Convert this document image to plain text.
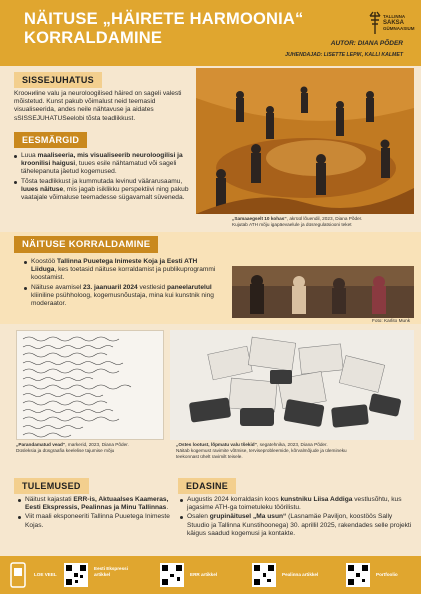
NÄITUSE „HÄIRETE HARMOONIA“
KORRALDAMINE
TALLINNA
SAKSA
GÜMNAASIUM
AUTOR: DIANA PÕDER
JUHENDAJAD: LISETTE LEPIK, KALLI KALMET
SISSEJUHATUS
Kroониline valu ja neuroloogilised häired on sageli valesti mõistetud. Kunst pakub võimalust neid teemasid visualiseerida, andes neile nähtavuse ja aidates sSISSEJUHATUSeelobi tõsta teadlikkust.
EESMÄRGID
Luua maaliseeria, mis visualiseerib neuroloogilisi ja kroonilisi haigusi, tuues esile nähtamatud või sageli tähelepanuta jäetud kogemused.
Tõsta teadlikkust ja kummutada levinud väärarusaamu, luues näituse, mis jagab isiklikku perspektiivi ning pakub vaatajale võimaluse teemadesse sügavamalt süveneda.
„Samaaegselt 10 kohas“, akrüül lõuendil, 2023, Diana Põder.
Kujutab ATH mõju igapäevaelule ja düsregulatsiooni teket
NÄITUSE KORRALDAMINE
Koostöö Tallinna Puuetega Inimeste Koja ja Eesti ATH Liiduga, kes toetasid näituse korraldamist ja publikuprogrammi koostamist.
Näituse avamisel 23. jaanuaril 2024 vestlesid paneelarutelul kliiniline psühholoog, kogemusnõustaja, mina kui kunstnik ning moderaator.
Foto: Karlito Munk
„Parandamatud vead“, markerid, 2023, Diana Põder.
Düsleksia ja düsgraafia keelelise tajumise mõju
„Ostes lootust, lõpmatu valu tšekid“, segatehnika, 2023, Diana Põder.
Näitab kogemust ravimite võtmise, terviseprobleemide, kõrvalmõjude ja ülemineku
teekonnast ühelt ravimilt teisele.
TULEMUSED
Näitust kajastati ERR-is, Aktuaalses Kaameras, Eesti Ekspressis, Pealinnas ja Minu Tallinnas.
Viit maali eksponeeriti Tallinna Puuetega Inimeste Kojas.
EDASINE
Augustis 2024 korraldasin koos kunstniku Liisa Addiga vestlusõhtu, kus jagasime ATH-ga toimetuleku töörilistu.
Osalen grupinäitusel „Ma usun“ (Lasnamäe Paviljon, koostöös Sally Stuudio ja Tallinna Kunstihoonega) 30. aprillil 2025, rakendades selle projekti käigus saadud kogemusi ja kontakte.
LOE VEEL
Eesti Ekspressi artikkel	ERR artikkel	Pealinna artikkel	Portfoolio
